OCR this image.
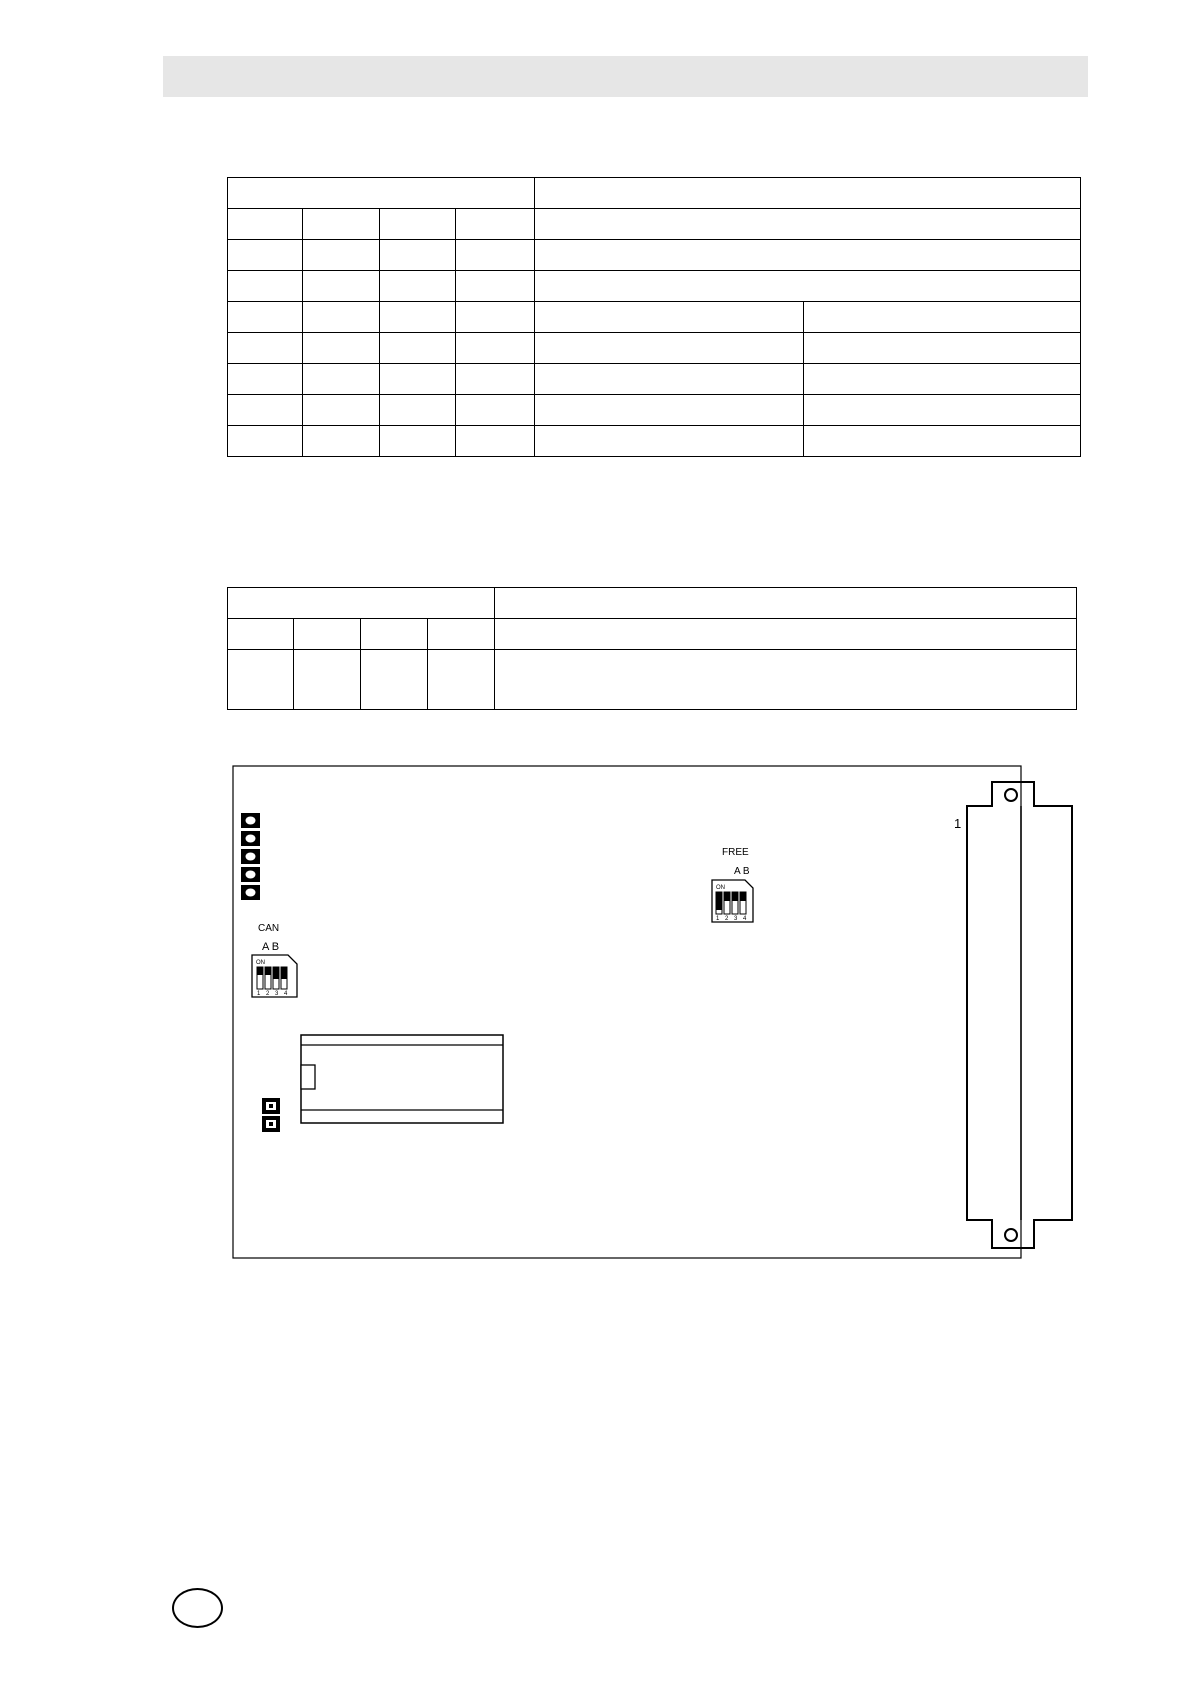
CAN
A B
ON
1 2 3 4
FREE
A B
ON
1 2 3 4
1
